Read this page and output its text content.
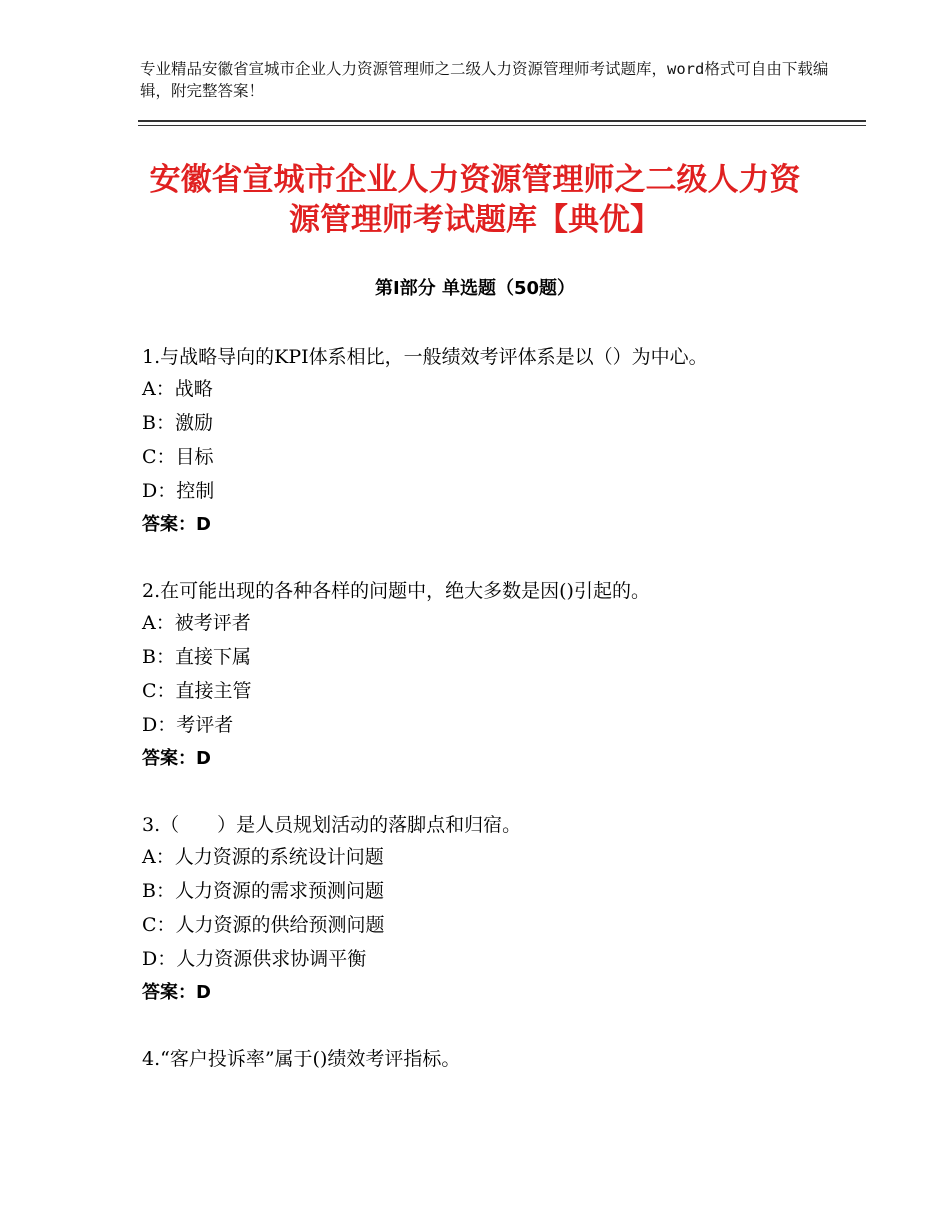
专业精品安徽省宣城市企业人力资源管理师之二级人力资源管理师考试题库，word格式可自由下载编辑，附完整答案！
安徽省宣城市企业人力资源管理师之二级人力资源管理师考试题库【典优】
第Ⅰ部分 单选题（50题）
1.与战略导向的KPI体系相比，一般绩效考评体系是以（）为中心。
A：战略
B：激励
C：目标
D：控制
答案：D
2.在可能出现的各种各样的问题中，绝大多数是因()引起的。
A：被考评者
B：直接下属
C：直接主管
D：考评者
答案：D
3.（　　）是人员规划活动的落脚点和归宿。
A：人力资源的系统设计问题
B：人力资源的需求预测问题
C：人力资源的供给预测问题
D：人力资源供求协调平衡
答案：D
4.“客户投诉率”属于()绩效考评指标。
